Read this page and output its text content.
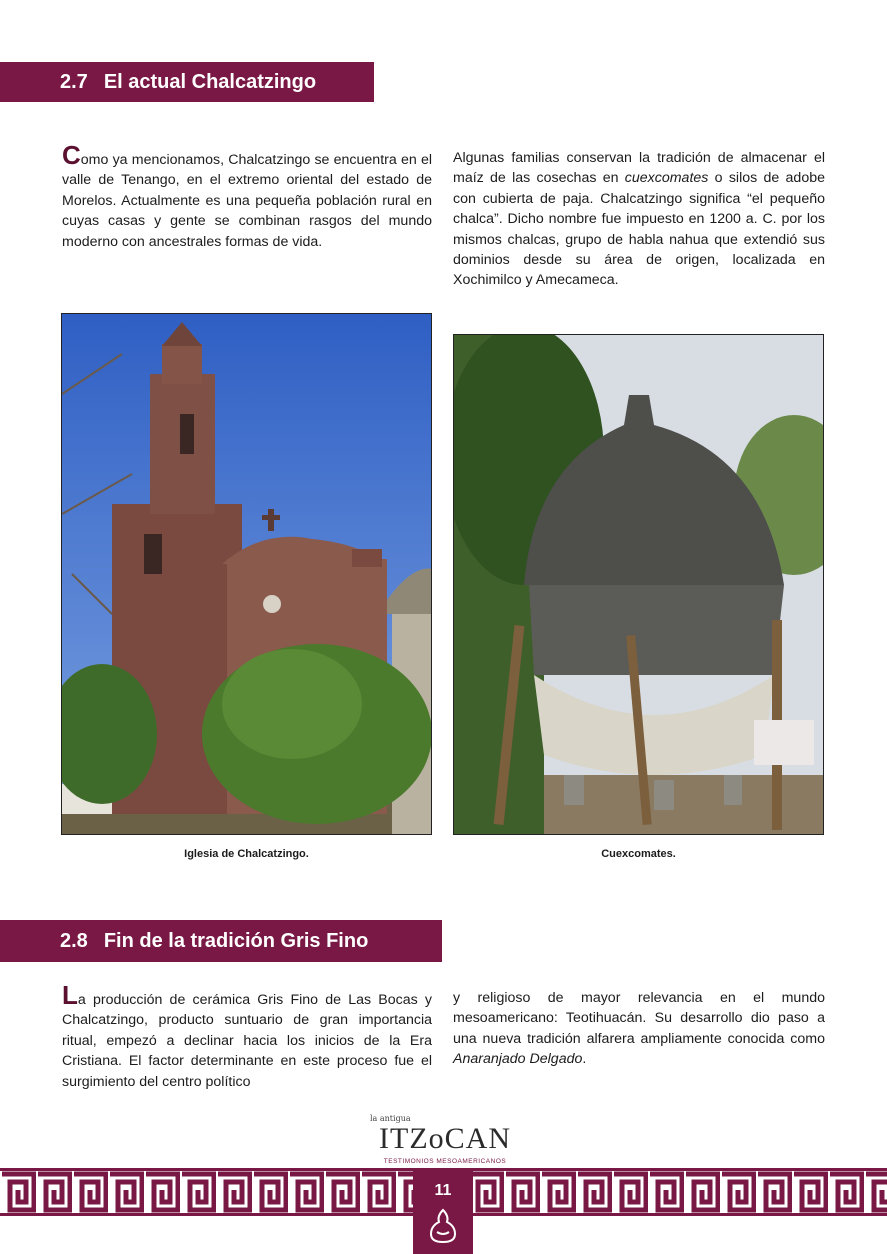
2.7 El actual Chalcatzingo

Como ya mencionamos, Chalcatzingo se encuentra en el valle de Tenango, en el extremo oriental del estado de Morelos. Actualmente es una pequeña población rural en cuyas casas y gente se combinan rasgos del mundo moderno con ancestrales formas de vida.

Algunas familias conservan la tradición de almacenar el maíz de las cosechas en cuexcomates o silos de adobe con cubierta de paja. Chalcatzingo significa “el pequeño chalca”. Dicho nombre fue impuesto en 1200 a. C. por los mismos chalcas, grupo de habla nahua que extendió sus dominios desde su área de origen, localizada en Xochimilco y Amecameca.

Iglesia de Chalcatzingo.	Cuexcomates.
2.8 Fin de la tradición Gris Fino

La producción de cerámica Gris Fino de Las Bocas y Chalcatzingo, producto suntuario de gran importancia ritual, empezó a declinar hacia los inicios de la Era Cristiana. El factor determinante en este proceso fue el surgimiento del centro político

y religioso de mayor relevancia en el mundo mesoamericano: Teotihuacán. Su desarrollo dio paso a una nueva tradición alfarera ampliamente conocida como Anaranjado Delgado.

la antigua
ITZoCAN
TESTIMONIOS MESOAMERICANOS
11
